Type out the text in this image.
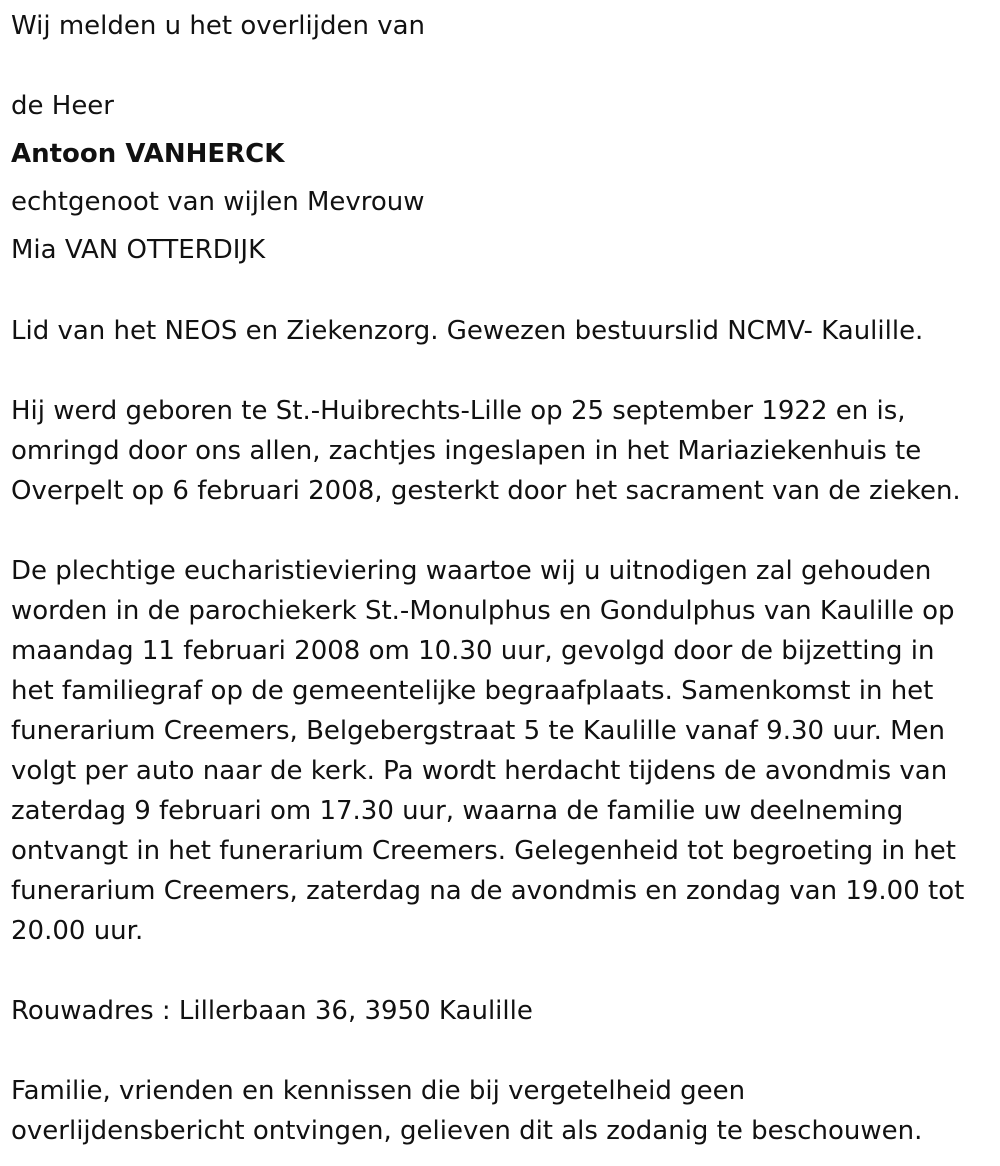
Wij melden u het overlijden van
de Heer
Antoon VANHERCK
echtgenoot van wijlen Mevrouw
Mia VAN OTTERDIJK
Lid van het NEOS en Ziekenzorg. Gewezen bestuurslid NCMV- Kaulille.
Hij werd geboren te St.-Huibrechts-Lille op 25 september 1922 en is,
omringd door ons allen, zachtjes ingeslapen in het Mariaziekenhuis te
Overpelt op 6 februari 2008, gesterkt door het sacrament van de zieken.
De plechtige eucharistieviering waartoe wij u uitnodigen zal gehouden
worden in de parochiekerk St.-Monulphus en Gondulphus van Kaulille op
maandag 11 februari 2008 om 10.30 uur, gevolgd door de bijzetting in
het familiegraf op de gemeentelijke begraafplaats. Samenkomst in het
funerarium Creemers, Belgebergstraat 5 te Kaulille vanaf 9.30 uur. Men
volgt per auto naar de kerk. Pa wordt herdacht tijdens de avondmis van
zaterdag 9 februari om 17.30 uur, waarna de familie uw deelneming
ontvangt in het funerarium Creemers. Gelegenheid tot begroeting in het
funerarium Creemers, zaterdag na de avondmis en zondag van 19.00 tot
20.00 uur.
Rouwadres : Lillerbaan 36, 3950 Kaulille
Familie, vrienden en kennissen die bij vergetelheid geen
overlijdensbericht ontvingen, gelieven dit als zodanig te beschouwen.
